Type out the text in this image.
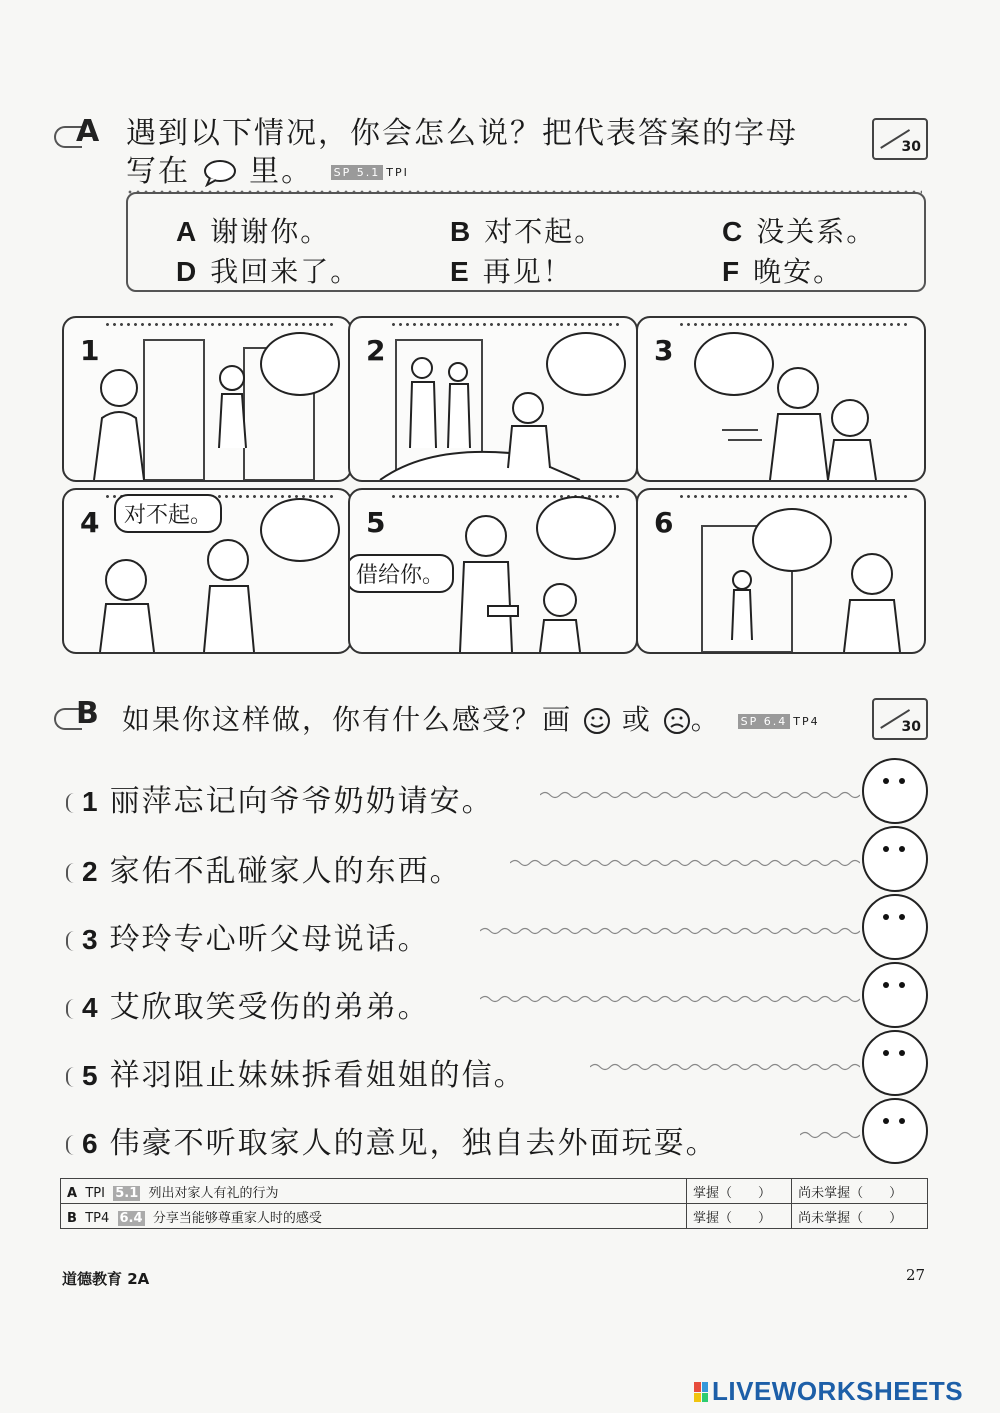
A 遇到以下情况，你会怎么说？把代表答案的字母
写在 里。 SP 5.1 TPI
30
A 谢谢你。	B 对不起。	C 没关系。
D 我回来了。	E 再见！	F 晚安。
1	2	3
4	对不起。	5
借给你。
6
B 如果你这样做，你有什么感受？画 或 。 SP 6.4 TP4	30
1 丽萍忘记向爷爷奶奶请安。
2 家佑不乱碰家人的东西。
3 玲玲专心听父母说话。
4 艾欣取笑受伤的弟弟。
5 祥羽阻止妹妹拆看姐姐的信。
6 伟豪不听取家人的意见，独自去外面玩耍。
A TPI 5.1 列出对家人有礼的行为	掌握（　　）	尚未掌握（　　）
B TP4 6.4 分享当能够尊重家人时的感受	掌握（　　）	尚未掌握（　　）
道德教育 2A	27
LIVEWORKSHEETS
